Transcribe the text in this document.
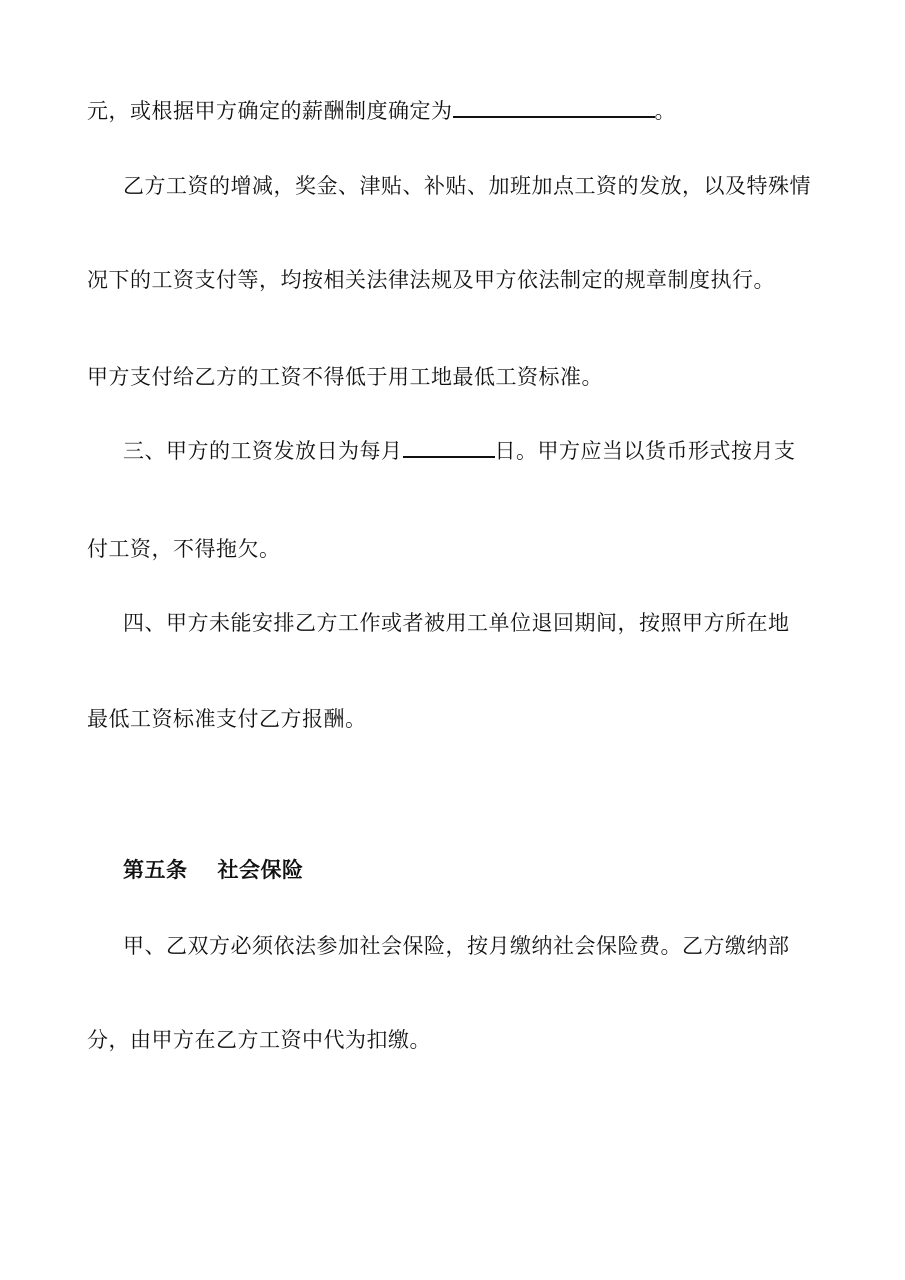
元，或根据甲方确定的薪酬制度确定为	。
乙方工资的增减，奖金、津贴、补贴、加班加点工资的发放，以及特殊情
况下的工资支付等，均按相关法律法规及甲方依法制定的规章制度执行。
甲方支付给乙方的工资不得低于用工地最低工资标准。
三、甲方的工资发放日为每月	日。甲方应当以货币形式按月支
付工资，不得拖欠。
四、甲方未能安排乙方工作或者被用工单位退回期间，按照甲方所在地
最低工资标准支付乙方报酬。
第五条 社会保险
甲、乙双方必须依法参加社会保险，按月缴纳社会保险费。乙方缴纳部
分，由甲方在乙方工资中代为扣缴。
